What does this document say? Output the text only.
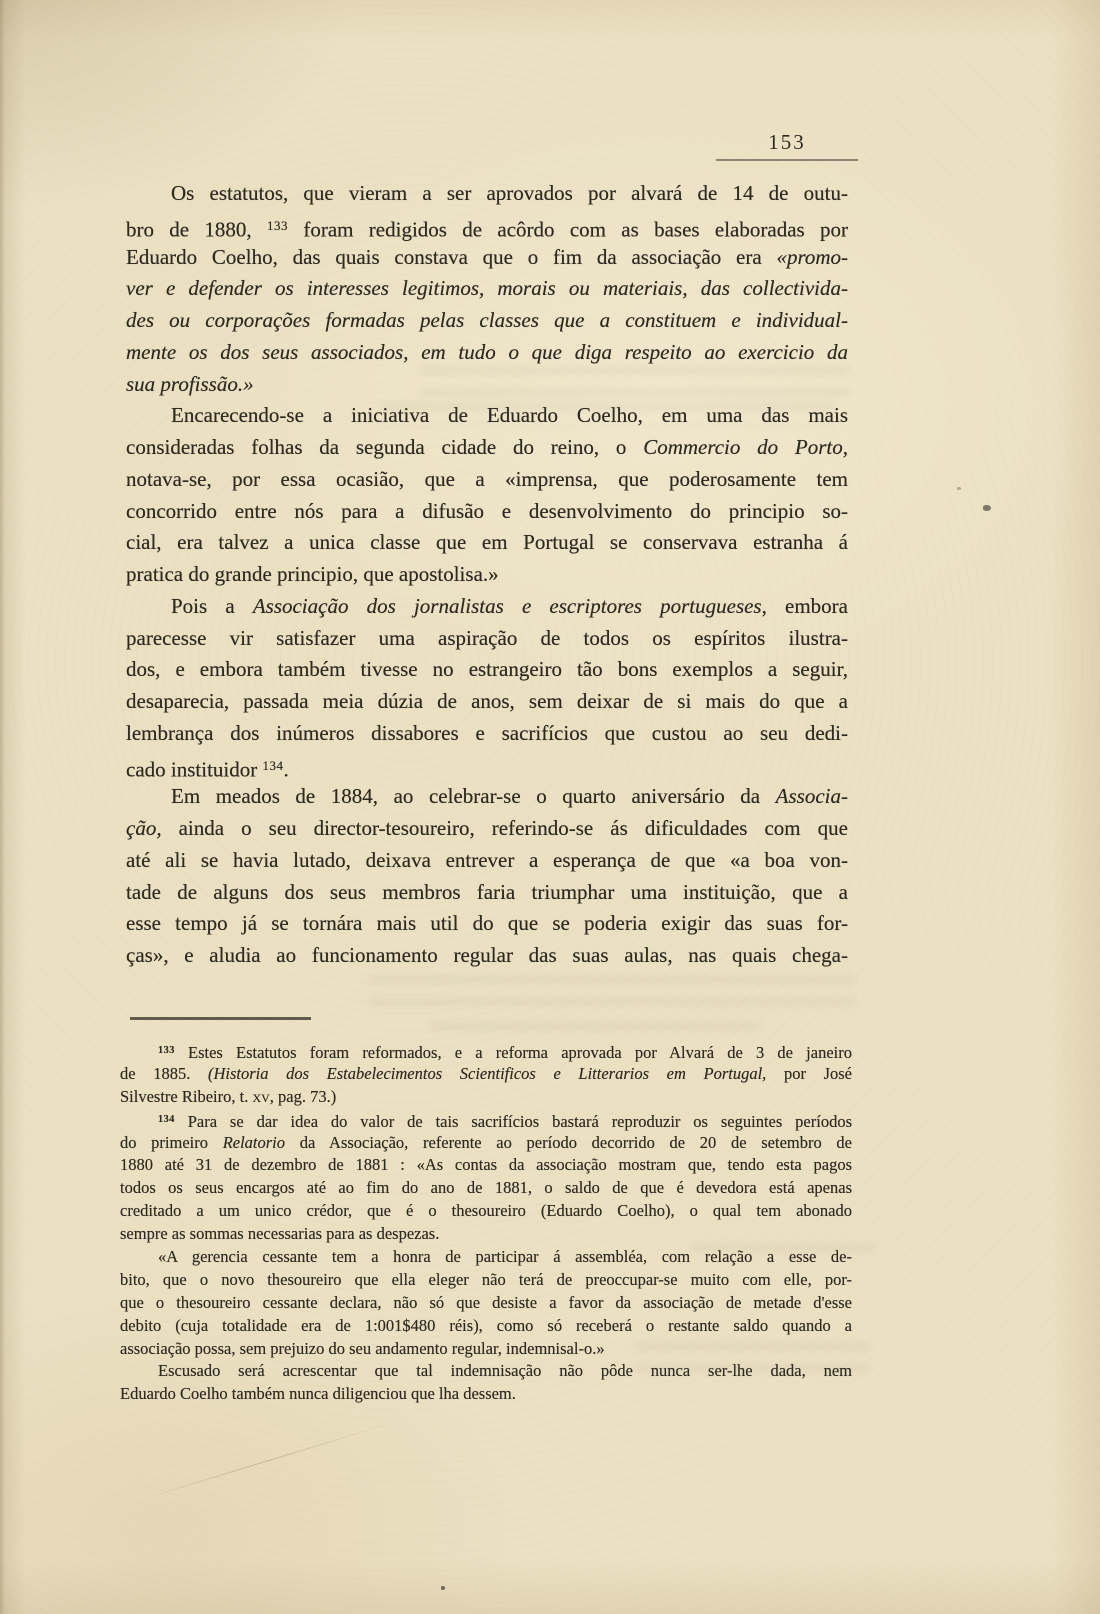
153
Os estatutos, que vieram a ser aprovados por alvará de 14 de outu-
bro de 1880, $^{133}$ foram redigidos de acôrdo com as bases elaboradas por
Eduardo Coelho, das quais constava que o fim da associação era «promo-
ver e defender os interesses legitimos, morais ou materiais, das collectivida-
des ou corporações formadas pelas classes que a constituem e individual-
mente os dos seus associados, em tudo o que diga respeito ao exercicio da
sua profissão.»
Encarecendo-se a iniciativa de Eduardo Coelho, em uma das mais
consideradas folhas da segunda cidade do reino, o Commercio do Porto,
notava-se, por essa ocasião, que a «imprensa, que poderosamente tem
concorrido entre nós para a difusão e desenvolvimento do principio so-
cial, era talvez a unica classe que em Portugal se conservava estranha á
pratica do grande principio, que apostolisa.»
Pois a Associação dos jornalistas e escriptores portugueses, embora
parecesse vir satisfazer uma aspiração de todos os espíritos ilustra-
dos, e embora também tivesse no estrangeiro tão bons exemplos a seguir,
desaparecia, passada meia dúzia de anos, sem deixar de si mais do que a
lembrança dos inúmeros dissabores e sacrifícios que custou ao seu dedi-
cado instituidor $^{134}$.
Em meados de 1884, ao celebrar-se o quarto aniversário da Associa-
ção, ainda o seu director-tesoureiro, referindo-se ás dificuldades com que
até ali se havia lutado, deixava entrever a esperança de que «a boa von-
tade de alguns dos seus membros faria triumphar uma instituição, que a
esse tempo já se tornára mais util do que se poderia exigir das suas for-
ças», e aludia ao funcionamento regular das suas aulas, nas quais chega-
$^{133}$ Estes Estatutos foram reformados, e a reforma aprovada por Alvará de 3 de janeiro
de 1885. (Historia dos Estabelecimentos Scientificos e Litterarios em Portugal, por José
Silvestre Ribeiro, t. xv, pag. 73.)
$^{134}$ Para se dar idea do valor de tais sacrifícios bastará reproduzir os seguintes períodos
do primeiro Relatorio da Associação, referente ao período decorrido de 20 de setembro de
1880 até 31 de dezembro de 1881 : «As contas da associação mostram que, tendo esta pagos
todos os seus encargos até ao fim do ano de 1881, o saldo de que é devedora está apenas
creditado a um unico crédor, que é o thesoureiro (Eduardo Coelho), o qual tem abonado
sempre as sommas necessarias para as despezas.
«A gerencia cessante tem a honra de participar á assembléa, com relação a esse de-
bito, que o novo thesoureiro que ella eleger não terá de preoccupar-se muito com elle, por-
que o thesoureiro cessante declara, não só que desiste a favor da associação de metade d'esse
debito (cuja totalidade era de 1:001$480 réis), como só receberá o restante saldo quando a
associação possa, sem prejuizo do seu andamento regular, indemnisal-o.»
Escusado será acrescentar que tal indemnisação não pôde nunca ser-lhe dada, nem
Eduardo Coelho também nunca diligenciou que lha dessem.
